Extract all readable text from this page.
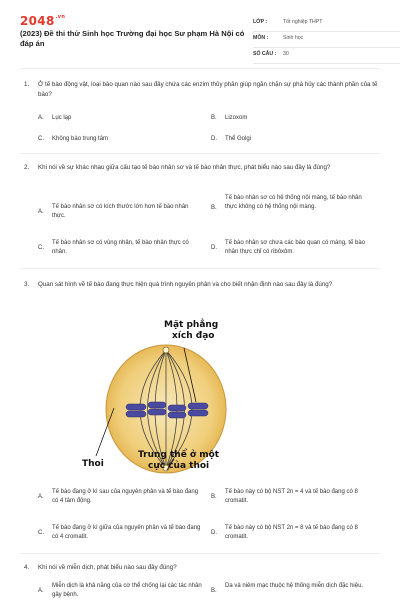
$2048^{.vn}$
(2023) Đề thi thử Sinh học Trường đại học Sư phạm Hà Nội có đáp án
LỚP :	Tốt nghiệp THPT
MÔN :	Sinh học
SỐ CÂU : 30
1. Ở tế bào động vật, loại bào quan nào sau đây chứa các enzim thủy phân giúp ngăn chặn sự phá hủy các thành phần của tế bào?
A. Lục lạp	B. Lizoxom
C. Không bào trung tâm	D. Thể Golgi
2. Khi nói về sự khác nhau giữa cấu tạo tế bào nhân sơ và tế bào nhân thực, phát biểu nào sau đây là đúng?
A.
Tế bào nhân sơ có kích thước lớn hơn tế bào nhân thực.
B.
Tế bào nhân sơ có hệ thống nội màng, tế bào nhân thực không có hệ thống nội màng.
C.
Tế bào nhân sơ có vùng nhân, tế bào nhân thực có nhân.
D.
Tế bào nhân sơ chưa các bào quan có màng, tế bào nhân thực chỉ có ribôxôm.
3. Quan sát hình vẽ tế bào đang thực hiện quá trình nguyên phân và cho biết nhận định nào sau đây là đúng?
Mặt phẳng
xích đạo
Thoi
Trung thể ở một
cực của thoi
A.
Tế bào đang ở kì sau của nguyên phân và tế bào đang có 4 tâm động.
B.
Tế bào này có bộ NST 2n = 4 và tế bào đang có 8 cromatit.
C.
Tế bào đang ở kì giữa của nguyên phân và tế bào đang có 4 cromatit.
D.
Tế bào này có bộ NST 2n = 8 và tế bào đang có 8 cromatit.
4. Khi nói về miễn dịch, phát biểu nào sau đây đúng?
A.
Miễn dịch là khả năng của cơ thể chống lại các tác nhân gây bệnh.
B.
Da và niêm mạc thuộc hệ thống miễn dịch đặc hiệu.
